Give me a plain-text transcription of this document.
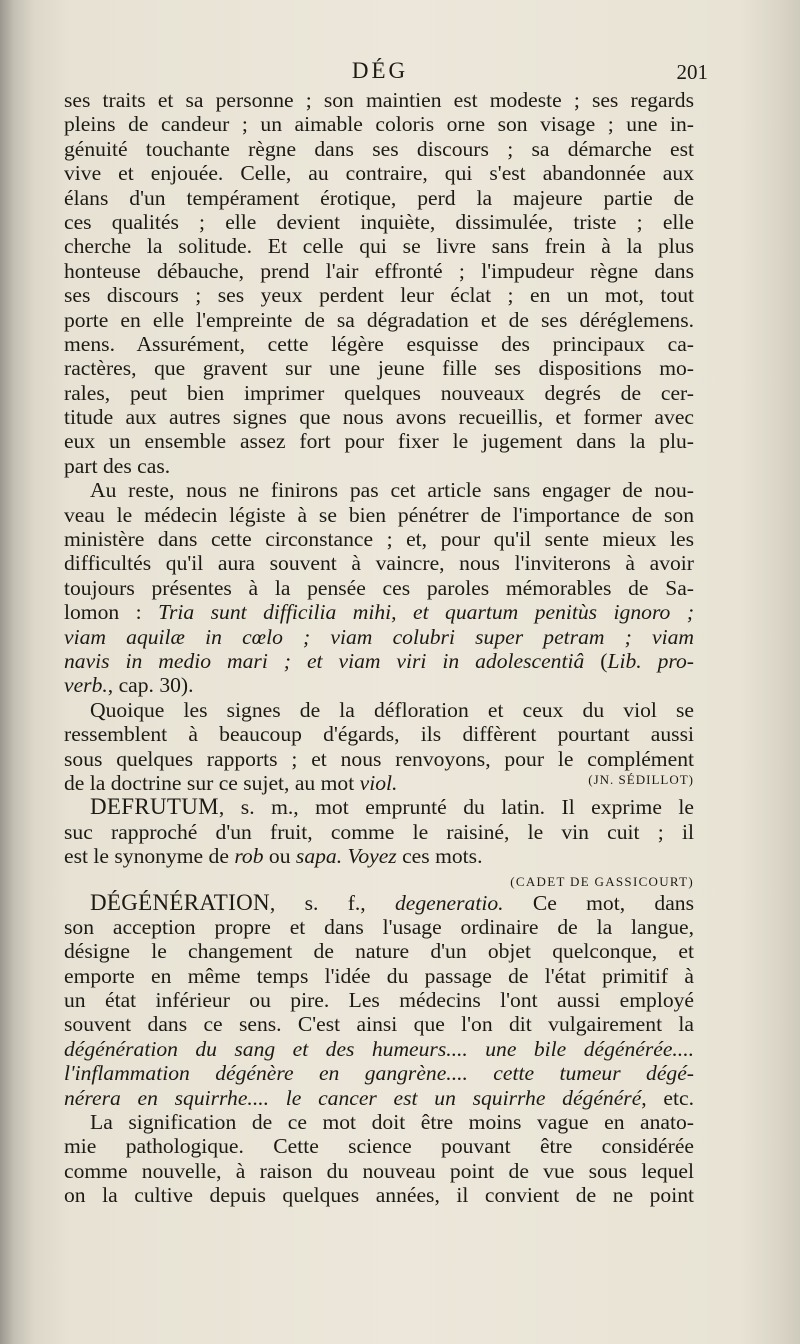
DÉG	201
ses traits et sa personne ; son maintien est modeste ; ses regards
pleins de candeur ; un aimable coloris orne son visage ; une in-
génuité touchante règne dans ses discours ; sa démarche est
vive et enjouée. Celle, au contraire, qui s'est abandonnée aux
élans d'un tempérament érotique, perd la majeure partie de
ces qualités ; elle devient inquiète, dissimulée, triste ; elle
cherche la solitude. Et celle qui se livre sans frein à la plus
honteuse débauche, prend l'air effronté ; l'impudeur règne dans
ses discours ; ses yeux perdent leur éclat ; en un mot, tout
porte en elle l'empreinte de sa dégradation et de ses déréglemens.
mens. Assurément, cette légère esquisse des principaux ca-
ractères, que gravent sur une jeune fille ses dispositions mo-
rales, peut bien imprimer quelques nouveaux degrés de cer-
titude aux autres signes que nous avons recueillis, et former avec
eux un ensemble assez fort pour fixer le jugement dans la plu-
part des cas.
Au reste, nous ne finirons pas cet article sans engager de nou-
veau le médecin légiste à se bien pénétrer de l'importance de son
ministère dans cette circonstance ; et, pour qu'il sente mieux les
difficultés qu'il aura souvent à vaincre, nous l'inviterons à avoir
toujours présentes à la pensée ces paroles mémorables de Sa-
lomon : Tria sunt difficilia mihi, et quartum penitùs ignoro ;
viam aquilæ in cœlo ; viam colubri super petram ; viam
navis in medio mari ; et viam viri in adolescentiâ (Lib. pro-
verb., cap. 30).
Quoique les signes de la défloration et ceux du viol se
ressemblent à beaucoup d'égards, ils diffèrent pourtant aussi
sous quelques rapports ; et nous renvoyons, pour le complément
de la doctrine sur ce sujet, au mot viol.	(JN. SÉDILLOT)
DEFRUTUM, s. m., mot emprunté du latin. Il exprime le
suc rapproché d'un fruit, comme le raisiné, le vin cuit ; il
est le synonyme de rob ou sapa. Voyez ces mots.
(CADET DE GASSICOURT)
DÉGÉNÉRATION, s. f., degeneratio. Ce mot, dans
son acception propre et dans l'usage ordinaire de la langue,
désigne le changement de nature d'un objet quelconque, et
emporte en même temps l'idée du passage de l'état primitif à
un état inférieur ou pire. Les médecins l'ont aussi employé
souvent dans ce sens. C'est ainsi que l'on dit vulgairement la
dégénération du sang et des humeurs.... une bile dégénérée....
l'inflammation dégénère en gangrène.... cette tumeur dégé-
nérera en squirrhe.... le cancer est un squirrhe dégénéré, etc.
La signification de ce mot doit être moins vague en anato-
mie pathologique. Cette science pouvant être considérée
comme nouvelle, à raison du nouveau point de vue sous lequel
on la cultive depuis quelques années, il convient de ne point
